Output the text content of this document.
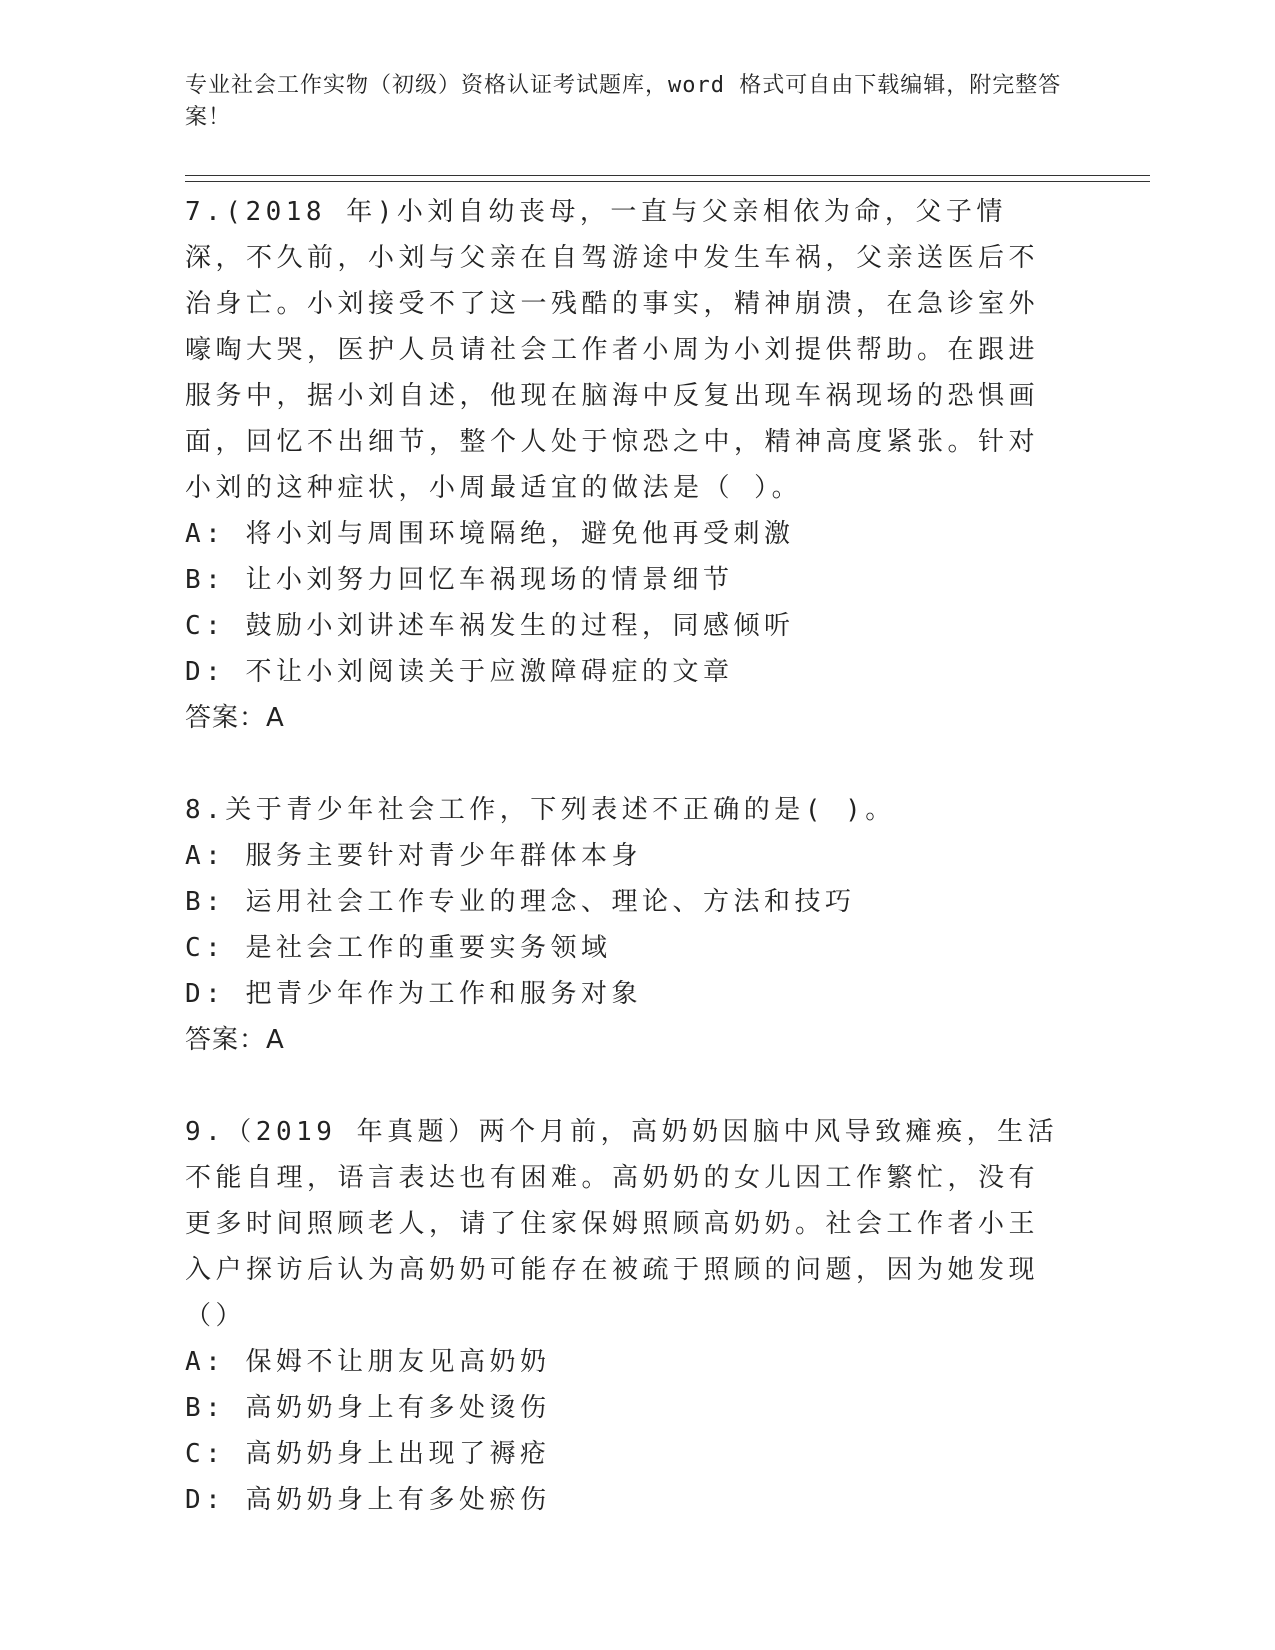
专业社会工作实物（初级）资格认证考试题库，word 格式可自由下载编辑，附完整答案！

7.(2018 年)小刘自幼丧母，一直与父亲相依为命，父子情深，不久前，小刘与父亲在自驾游途中发生车祸，父亲送医后不治身亡。小刘接受不了这一残酷的事实，精神崩溃，在急诊室外嚎啕大哭，医护人员请社会工作者小周为小刘提供帮助。在跟进服务中，据小刘自述，他现在脑海中反复出现车祸现场的恐惧画面，回忆不出细节，整个人处于惊恐之中，精神高度紧张。针对小刘的这种症状，小周最适宜的做法是（ ）。

A: 将小刘与周围环境隔绝，避免他再受刺激

B: 让小刘努力回忆车祸现场的情景细节

C: 鼓励小刘讲述车祸发生的过程，同感倾听

D: 不让小刘阅读关于应激障碍症的文章

答案：A

8.关于青少年社会工作，下列表述不正确的是( )。

A: 服务主要针对青少年群体本身

B: 运用社会工作专业的理念、理论、方法和技巧

C: 是社会工作的重要实务领域

D: 把青少年作为工作和服务对象

答案：A

9.（2019 年真题）两个月前，高奶奶因脑中风导致瘫痪，生活不能自理，语言表达也有困难。高奶奶的女儿因工作繁忙，没有更多时间照顾老人，请了住家保姆照顾高奶奶。社会工作者小王入户探访后认为高奶奶可能存在被疏于照顾的问题，因为她发现（）

A: 保姆不让朋友见高奶奶

B: 高奶奶身上有多处烫伤

C: 高奶奶身上出现了褥疮

D: 高奶奶身上有多处瘀伤
